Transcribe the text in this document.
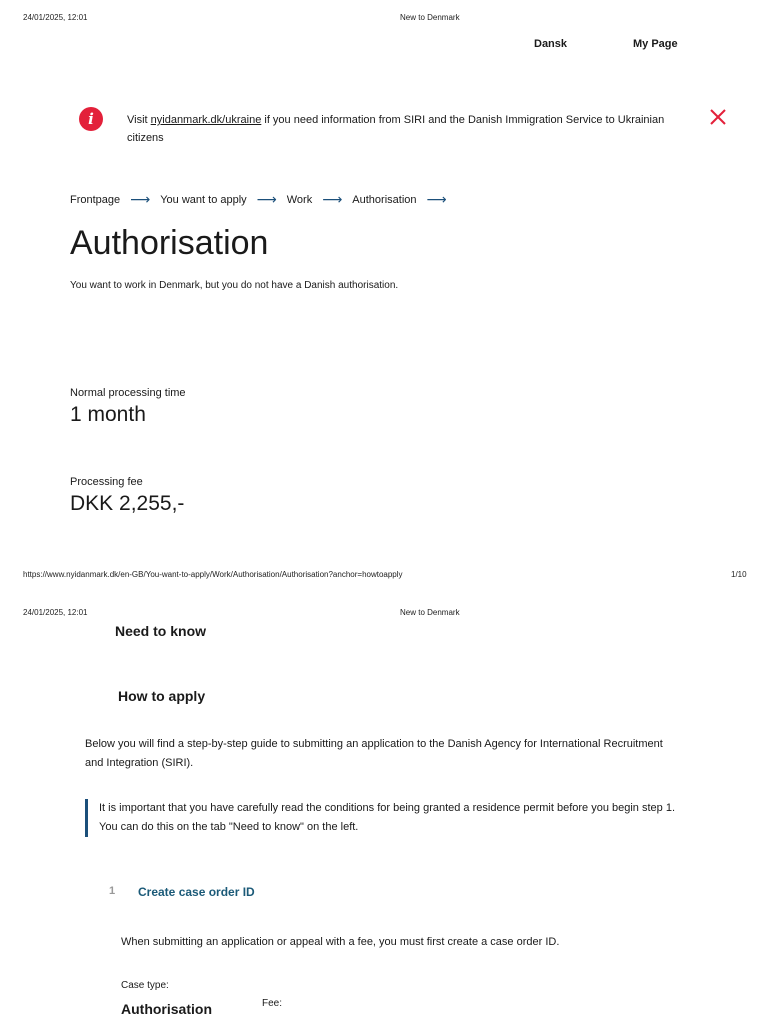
24/01/2025, 12:01	New to Denmark
Dansk	My Page
i	Visit nyidanmark.dk/ukraine if you need information from SIRI and the Danish Immigration Service to Ukrainian citizens
Frontpage ⟶ You want to apply ⟶ Work ⟶ Authorisation ⟶
Authorisation
You want to work in Denmark, but you do not have a Danish authorisation.
Normal processing time
1 month
Processing fee
DKK 2,255,-
https://www.nyidanmark.dk/en-GB/You-want-to-apply/Work/Authorisation/Authorisation?anchor=howtoapply	1/10
24/01/2025, 12:01	New to Denmark
Need to know
How to apply
Below you will find a step-by-step guide to submitting an application to the Danish Agency for International Recruitment and Integration (SIRI).
It is important that you have carefully read the conditions for being granted a residence permit before you begin step 1. You can do this on the tab "Need to know" on the left.
1 Create case order ID
When submitting an application or appeal with a fee, you must first create a case order ID.
Case type:
Authorisation	Fee:
